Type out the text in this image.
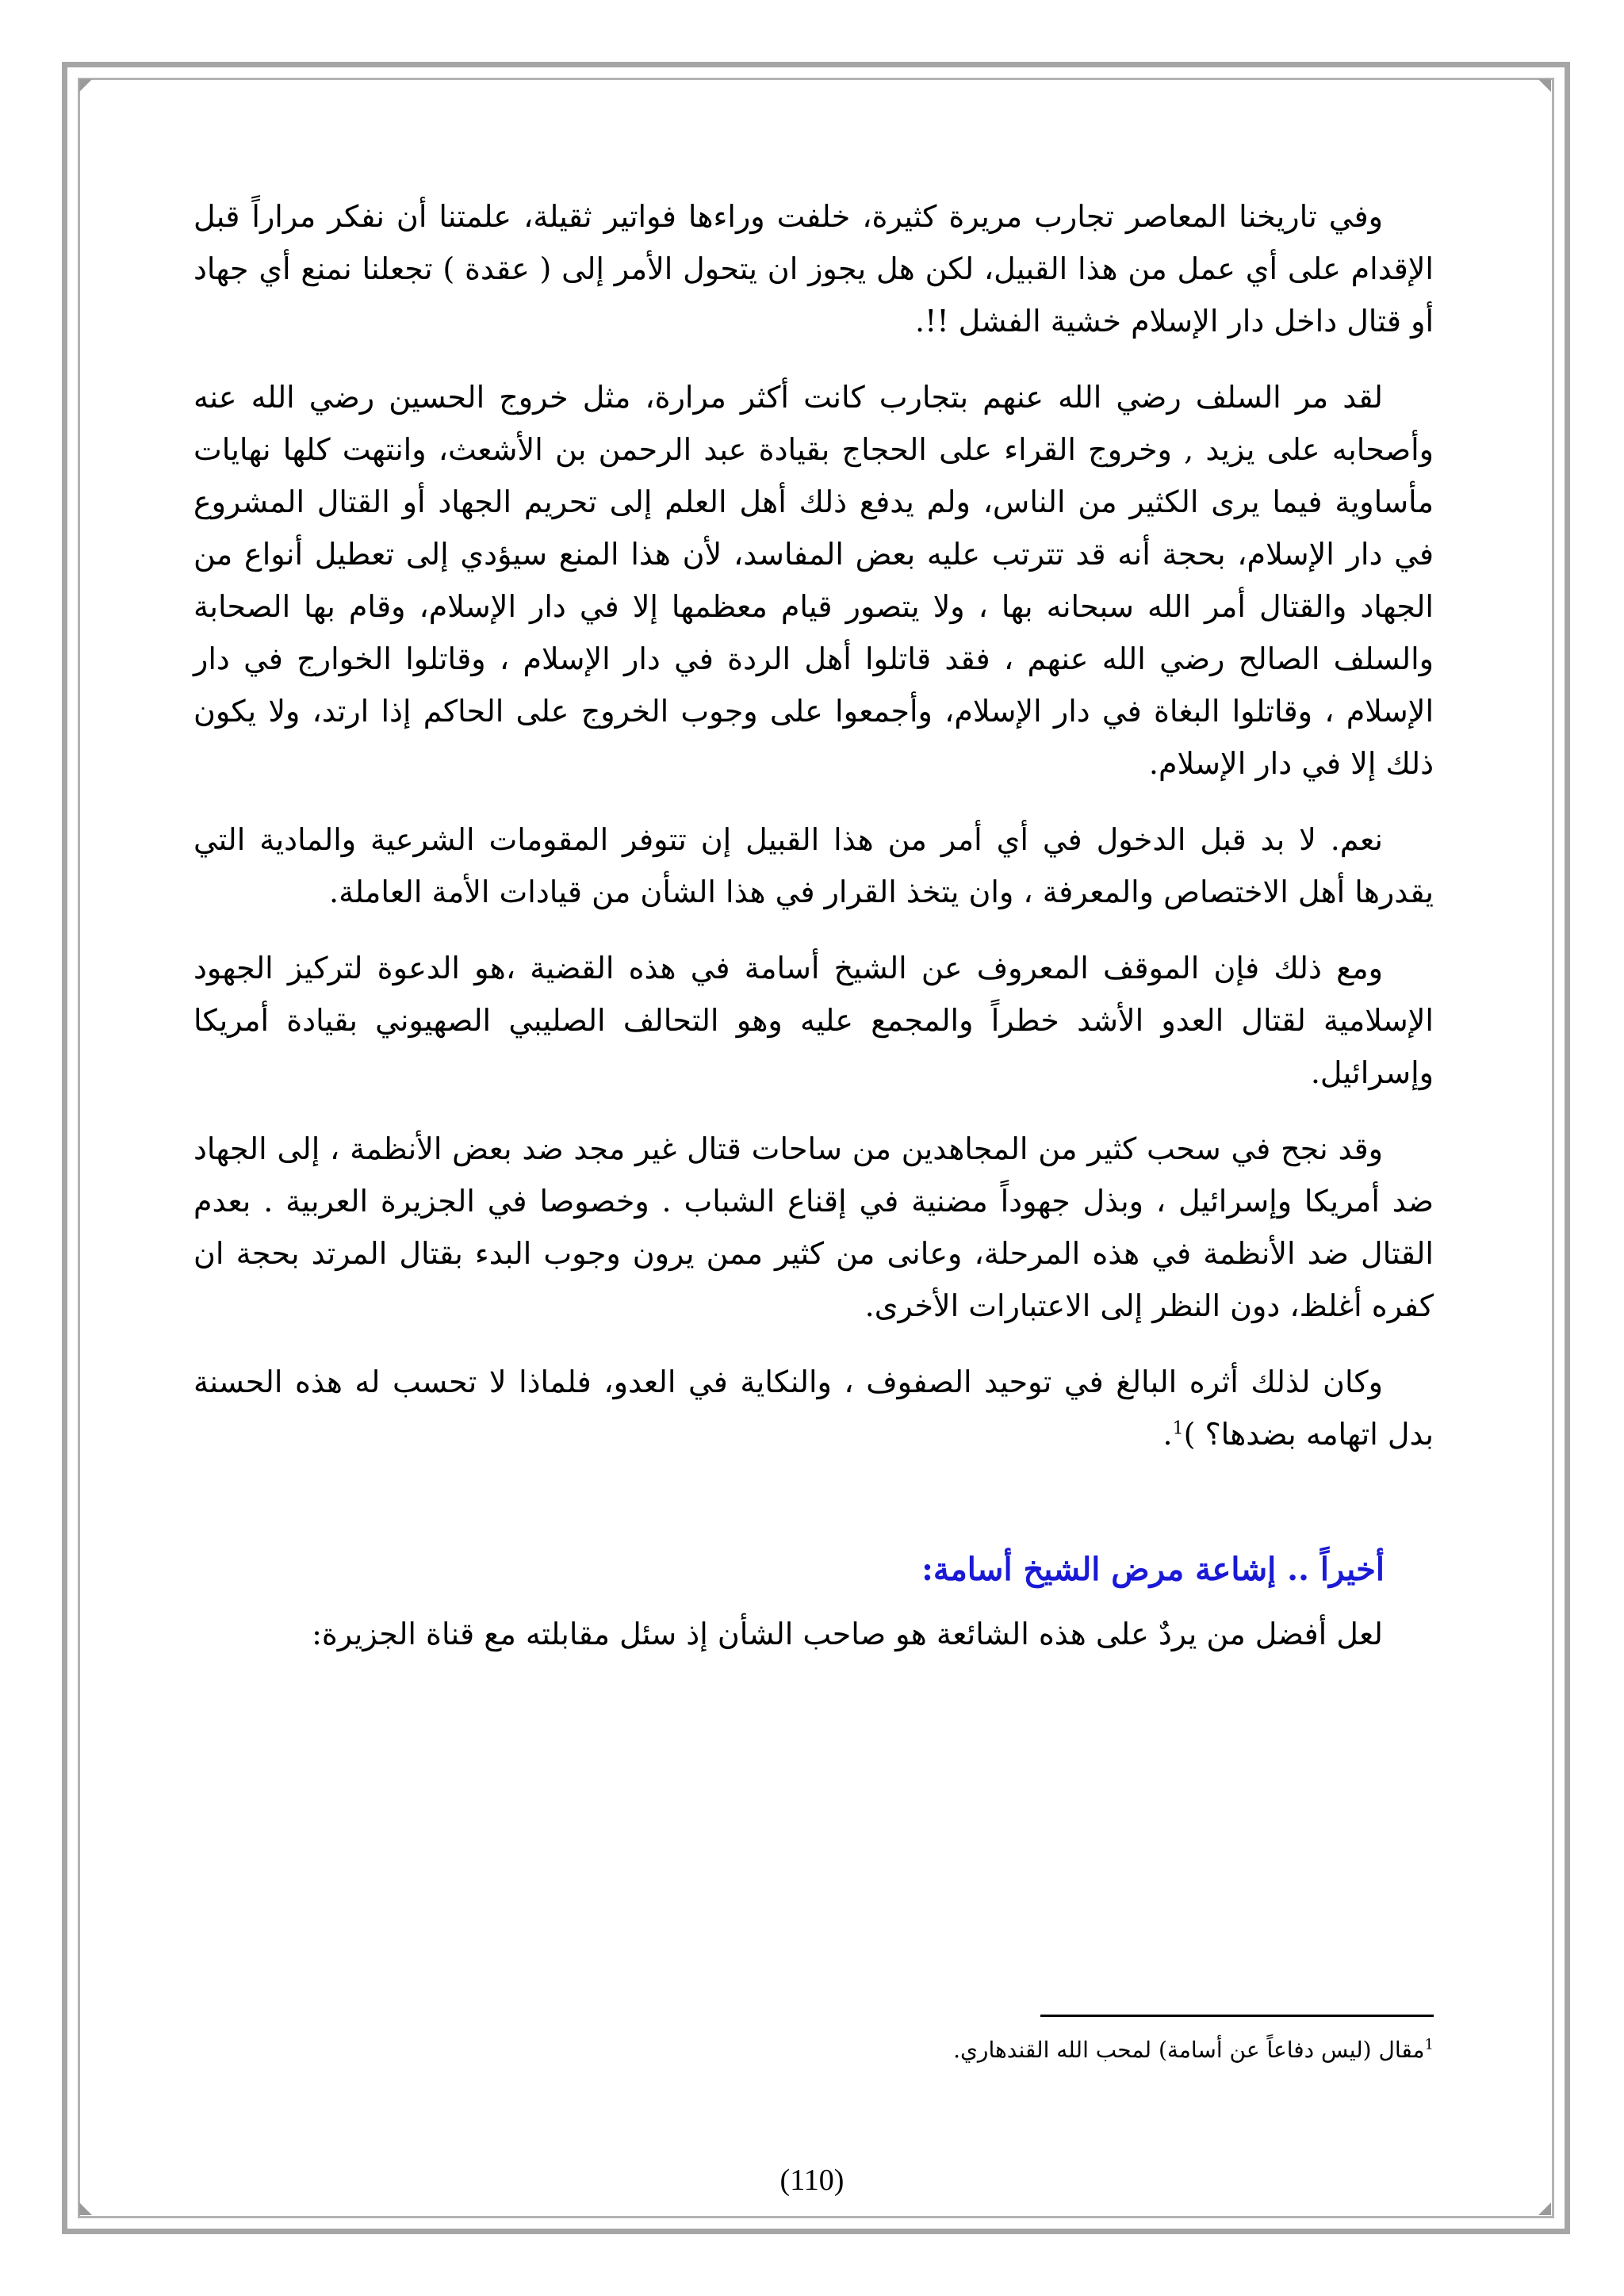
وفي تاريخنا المعاصر تجارب مريرة كثيرة، خلفت وراءها فواتير ثقيلة، علمتنا أن نفكر مراراً قبل الإقدام على أي عمل من هذا القبيل، لكن هل يجوز ان يتحول الأمر إلى ( عقدة ) تجعلنا نمنع أي جهاد أو قتال داخل دار الإسلام خشية الفشل !!.

لقد مر السلف رضي الله عنهم بتجارب كانت أكثر مرارة، مثل خروج الحسين رضي الله عنه وأصحابه على يزيد , وخروج القراء على الحجاج بقيادة عبد الرحمن بن الأشعث، وانتهت كلها نهايات مأساوية فيما يرى الكثير من الناس، ولم يدفع ذلك أهل العلم إلى تحريم الجهاد أو القتال المشروع في دار الإسلام، بحجة أنه قد تترتب عليه بعض المفاسد، لأن هذا المنع سيؤدي إلى تعطيل أنواع من الجهاد والقتال أمر الله سبحانه بها ، ولا يتصور قيام معظمها إلا في دار الإسلام، وقام بها الصحابة والسلف الصالح رضي الله عنهم ، فقد قاتلوا أهل الردة في دار الإسلام ، وقاتلوا الخوارج في دار الإسلام ، وقاتلوا البغاة في دار الإسلام، وأجمعوا على وجوب الخروج على الحاكم إذا ارتد، ولا يكون ذلك إلا في دار الإسلام.

نعم. لا بد قبل الدخول في أي أمر من هذا القبيل إن تتوفر المقومات الشرعية والمادية التي يقدرها أهل الاختصاص والمعرفة ، وان يتخذ القرار في هذا الشأن من قيادات الأمة العاملة.

ومع ذلك فإن الموقف المعروف عن الشيخ أسامة في هذه القضية ،هو الدعوة لتركيز الجهود الإسلامية لقتال العدو الأشد خطراً والمجمع عليه وهو التحالف الصليبي الصهيوني بقيادة أمريكا وإسرائيل.

وقد نجح في سحب كثير من المجاهدين من ساحات قتال غير مجد ضد بعض الأنظمة ، إلى الجهاد ضد أمريكا وإسرائيل ، وبذل جهوداً مضنية في إقناع الشباب . وخصوصا في الجزيرة العربية . بعدم القتال ضد الأنظمة في هذه المرحلة، وعانى من كثير ممن يرون وجوب البدء بقتال المرتد بحجة ان كفره أغلظ، دون النظر إلى الاعتبارات الأخرى.

وكان لذلك أثره البالغ في توحيد الصفوف ، والنكاية في العدو، فلماذا لا تحسب له هذه الحسنة بدل اتهامه بضدها؟ )$^1$.

أخيراً .. إشاعة مرض الشيخ أسامة:

لعل أفضل من يردٌ على هذه الشائعة هو صاحب الشأن إذ سئل مقابلته مع قناة الجزيرة:

$^1$مقال (ليس دفاعاً عن أسامة) لمحب الله القندهاري.
(110)
